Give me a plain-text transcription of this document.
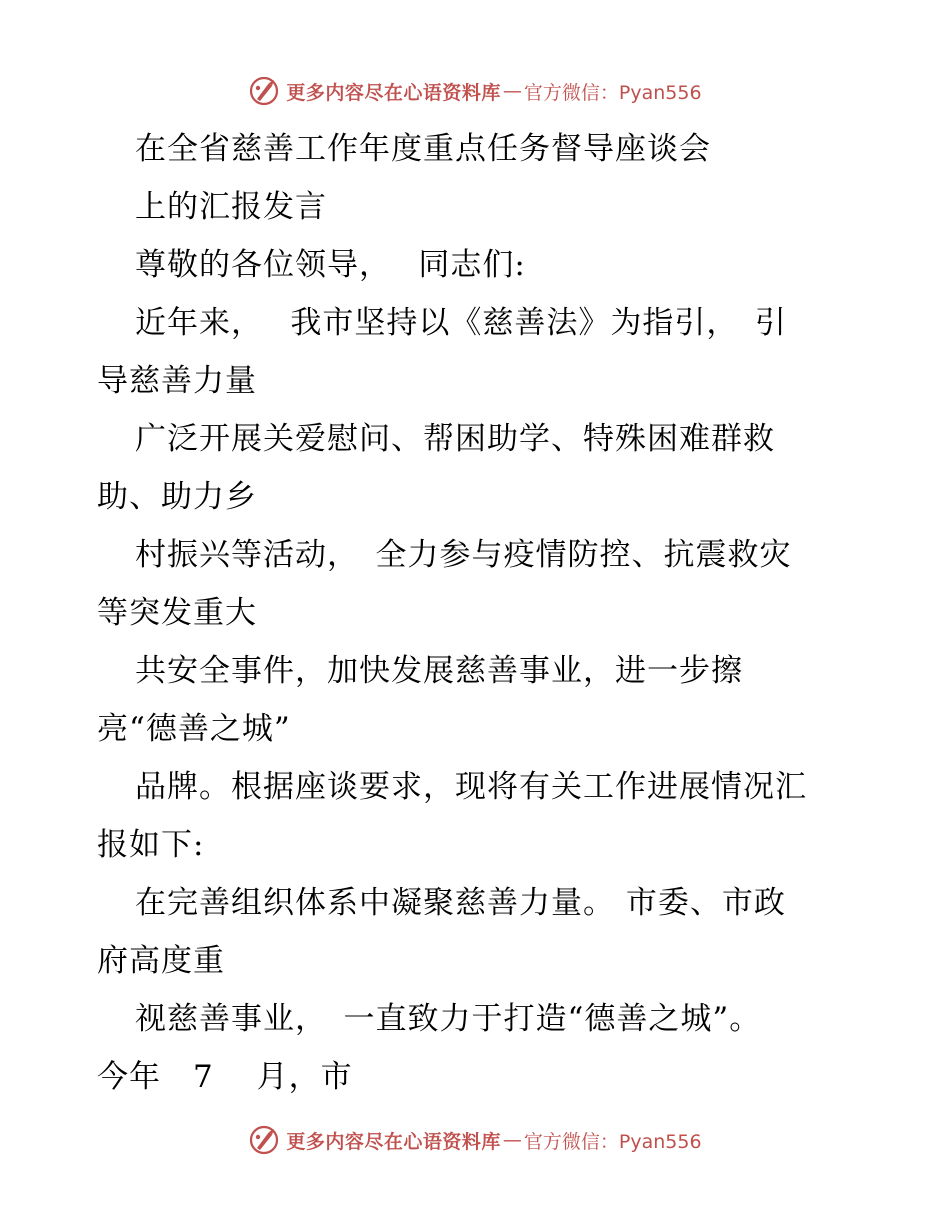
更多内容尽在心语资料库 — 官方微信：Pyan556
在全省慈善工作年度重点任务督导座谈会
上的汇报发言
尊敬的各位领导，　 同志们:
近年来，　 我市坚持以《慈善法》为指引，　引
导慈善力量
广泛开展关爱慰问、帮困助学、特殊困难群救
助、助力乡
村振兴等活动，　全力参与疫情防控、抗震救灾
等突发重大
共安全事件，加快发展慈善事业，进一步擦
亮“德善之城”
品牌。根据座谈要求，现将有关工作进展情况汇
报如下:
在完善组织体系中凝聚慈善力量。 市委、市政
府高度重
视慈善事业，　一直致力于打造“德善之城”。
今年　7　 月，市
更多内容尽在心语资料库 — 官方微信：Pyan556
